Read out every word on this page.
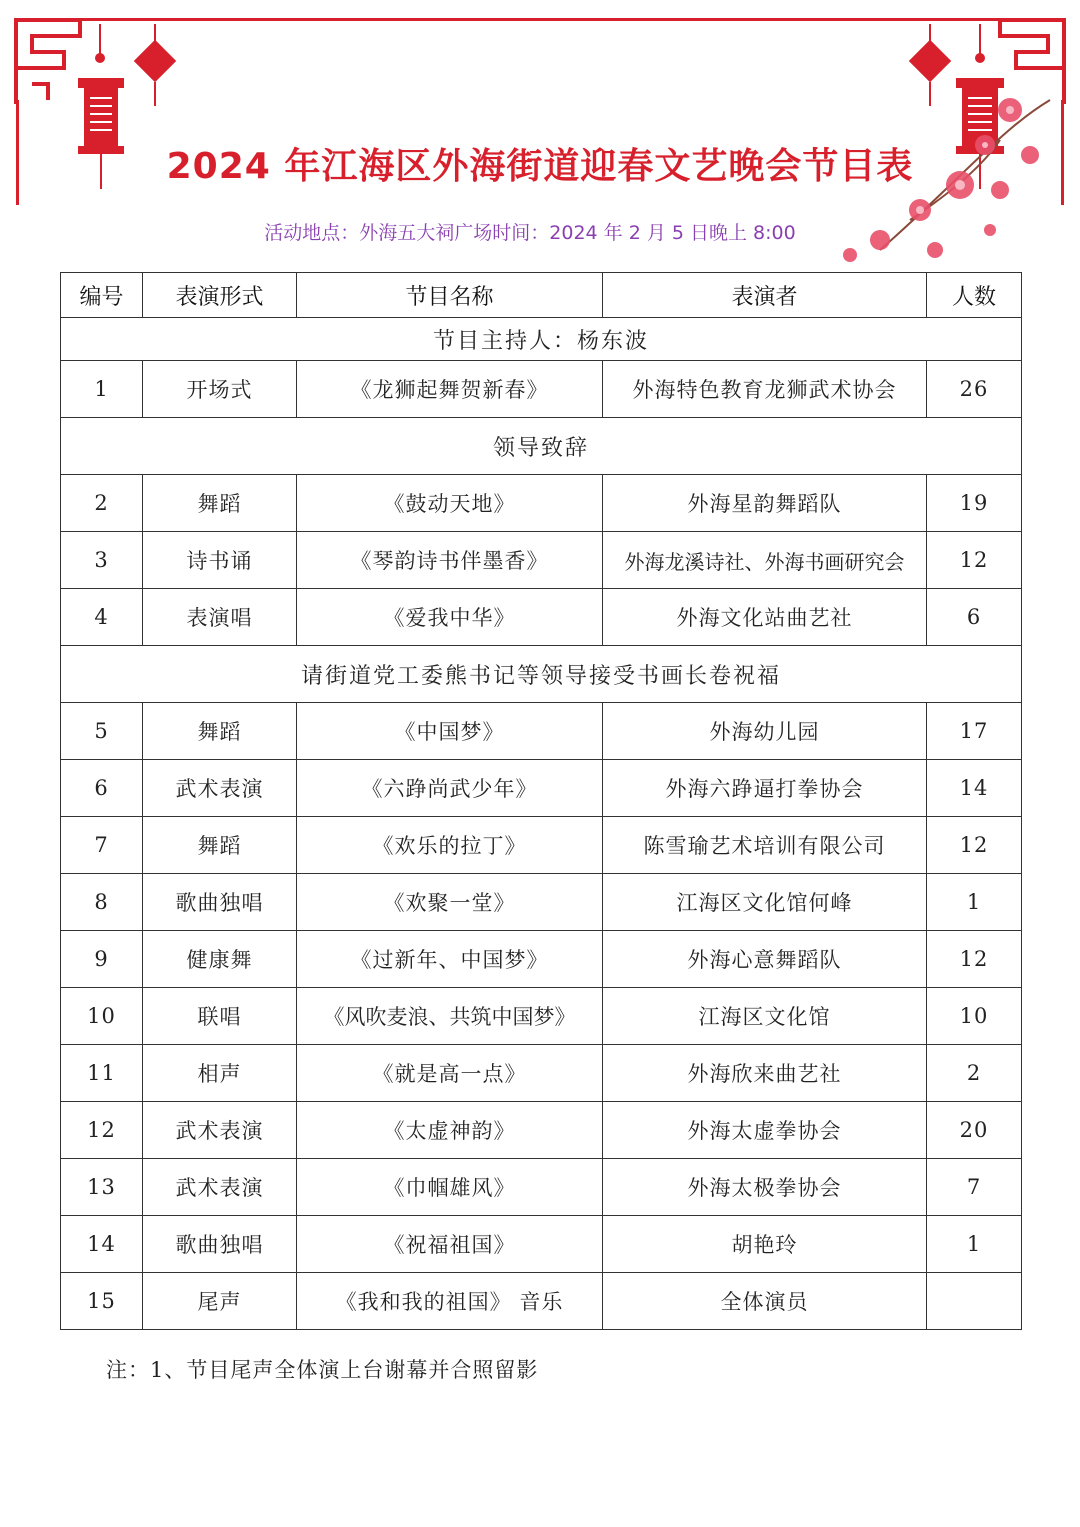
2024 年江海区外海街道迎春文艺晚会节目表
活动地点：外海五大祠广场时间：2024 年 2 月 5 日晚上 8:00
编号	表演形式	节目名称	表演者	人数
节目主持人：杨东波				
1	开场式	《龙狮起舞贺新春》	外海特色教育龙狮武术协会	26
领导致辞				
2	舞蹈	《鼓动天地》	外海星韵舞蹈队	19
3	诗书诵	《琴韵诗书伴墨香》	外海龙溪诗社、外海书画研究会	12
4	表演唱	《爱我中华》	外海文化站曲艺社	6
请街道党工委熊书记等领导接受书画长卷祝福				
5	舞蹈	《中国梦》	外海幼儿园	17
6	武术表演	《六踭尚武少年》	外海六踭逼打拳协会	14
7	舞蹈	《欢乐的拉丁》	陈雪瑜艺术培训有限公司	12
8	歌曲独唱	《欢聚一堂》	江海区文化馆何峰	1
9	健康舞	《过新年、中国梦》	外海心意舞蹈队	12
10	联唱	《风吹麦浪、共筑中国梦》	江海区文化馆	10
11	相声	《就是高一点》	外海欣来曲艺社	2
12	武术表演	《太虚神韵》	外海太虚拳协会	20
13	武术表演	《巾帼雄风》	外海太极拳协会	7
14	歌曲独唱	《祝福祖国》	胡艳玲	1
15	尾声	《我和我的祖国》 音乐	全体演员	
注：1、节目尾声全体演上台谢幕并合照留影
